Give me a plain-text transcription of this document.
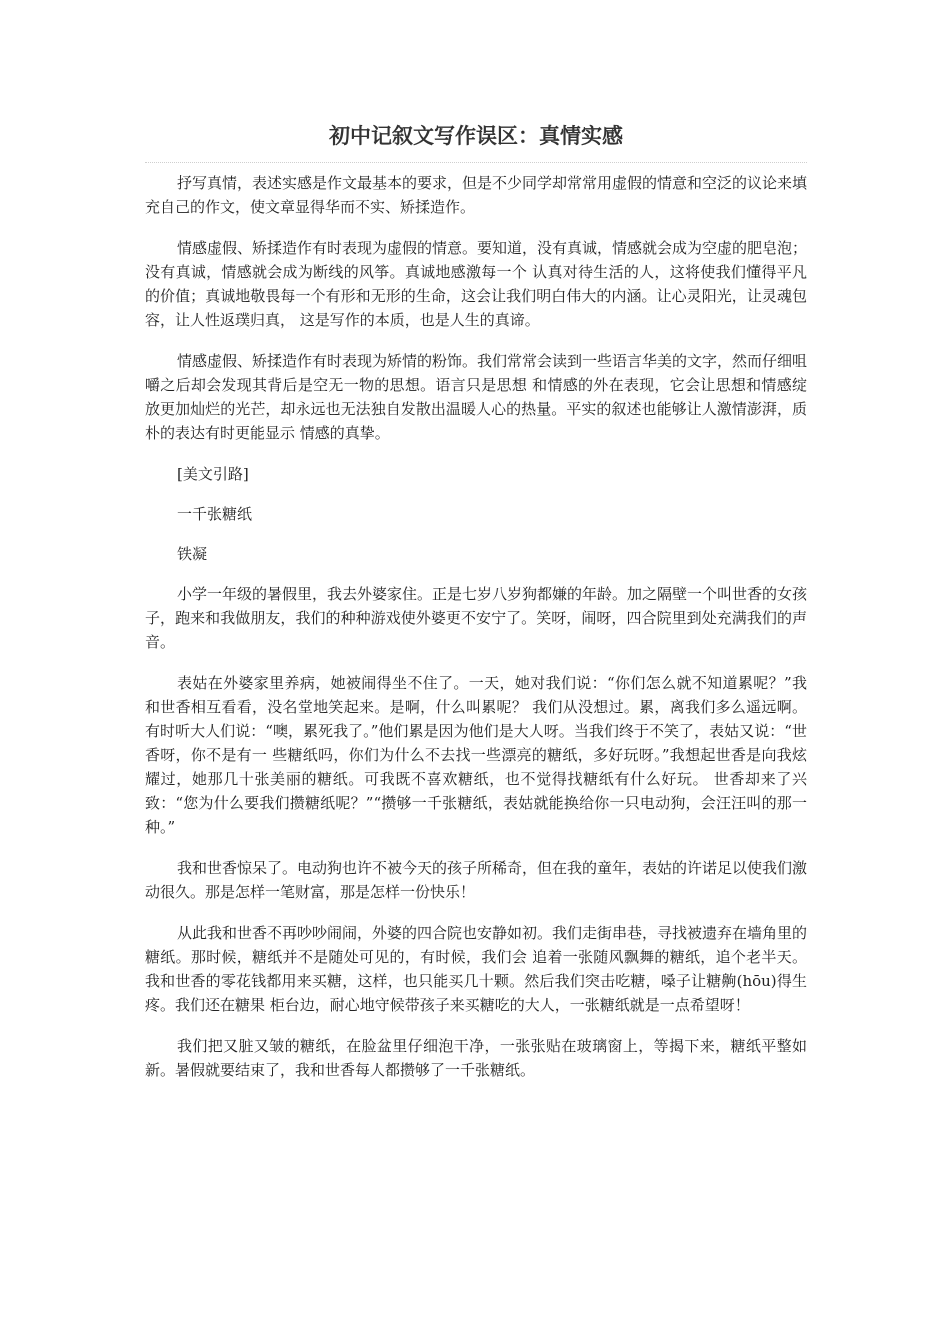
初中记叙文写作误区：真情实感

抒写真情，表述实感是作文最基本的要求，但是不少同学却常常用虚假的情意和空泛的议论来填充自己的作文，使文章显得华而不实、矫揉造作。

情感虚假、矫揉造作有时表现为虚假的情意。要知道，没有真诚，情感就会成为空虚的肥皂泡；没有真诚，情感就会成为断线的风筝。真诚地感激每一个 认真对待生活的人，这将使我们懂得平凡的价值；真诚地敬畏每一个有形和无形的生命，这会让我们明白伟大的内涵。让心灵阳光，让灵魂包容，让人性返璞归真， 这是写作的本质，也是人生的真谛。

情感虚假、矫揉造作有时表现为矫情的粉饰。我们常常会读到一些语言华美的文字，然而仔细咀嚼之后却会发现其背后是空无一物的思想。语言只是思想 和情感的外在表现，它会让思想和情感绽放更加灿烂的光芒，却永远也无法独自发散出温暖人心的热量。平实的叙述也能够让人激情澎湃，质朴的表达有时更能显示 情感的真挚。

[美文引路]

一千张糖纸

铁凝

小学一年级的暑假里，我去外婆家住。正是七岁八岁狗都嫌的年龄。加之隔壁一个叫世香的女孩子，跑来和我做朋友，我们的种种游戏使外婆更不安宁了。笑呀，闹呀，四合院里到处充满我们的声音。

表姑在外婆家里养病，她被闹得坐不住了。一天，她对我们说：“你们怎么就不知道累呢？”我和世香相互看看，没名堂地笑起来。是啊，什么叫累呢？ 我们从没想过。累，离我们多么遥远啊。有时听大人们说：“噢，累死我了。”他们累是因为他们是大人呀。当我们终于不笑了，表姑又说：“世香呀，你不是有一 些糖纸吗，你们为什么不去找一些漂亮的糖纸，多好玩呀。”我想起世香是向我炫耀过，她那几十张美丽的糖纸。可我既不喜欢糖纸，也不觉得找糖纸有什么好玩。 世香却来了兴致：“您为什么要我们攒糖纸呢？”“攒够一千张糖纸，表姑就能换给你一只电动狗，会汪汪叫的那一种。”

我和世香惊呆了。电动狗也许不被今天的孩子所稀奇，但在我的童年，表姑的许诺足以使我们激动很久。那是怎样一笔财富，那是怎样一份快乐！

从此我和世香不再吵吵闹闹，外婆的四合院也安静如初。我们走街串巷，寻找被遗弃在墙角里的糖纸。那时候，糖纸并不是随处可见的，有时候，我们会 追着一张随风飘舞的糖纸，追个老半天。我和世香的零花钱都用来买糖，这样，也只能买几十颗。然后我们突击吃糖，嗓子让糖齁(hōu)得生疼。我们还在糖果 柜台边，耐心地守候带孩子来买糖吃的大人，一张糖纸就是一点希望呀！

我们把又脏又皱的糖纸，在脸盆里仔细泡干净，一张张贴在玻璃窗上，等揭下来，糖纸平整如新。暑假就要结束了，我和世香每人都攒够了一千张糖纸。
